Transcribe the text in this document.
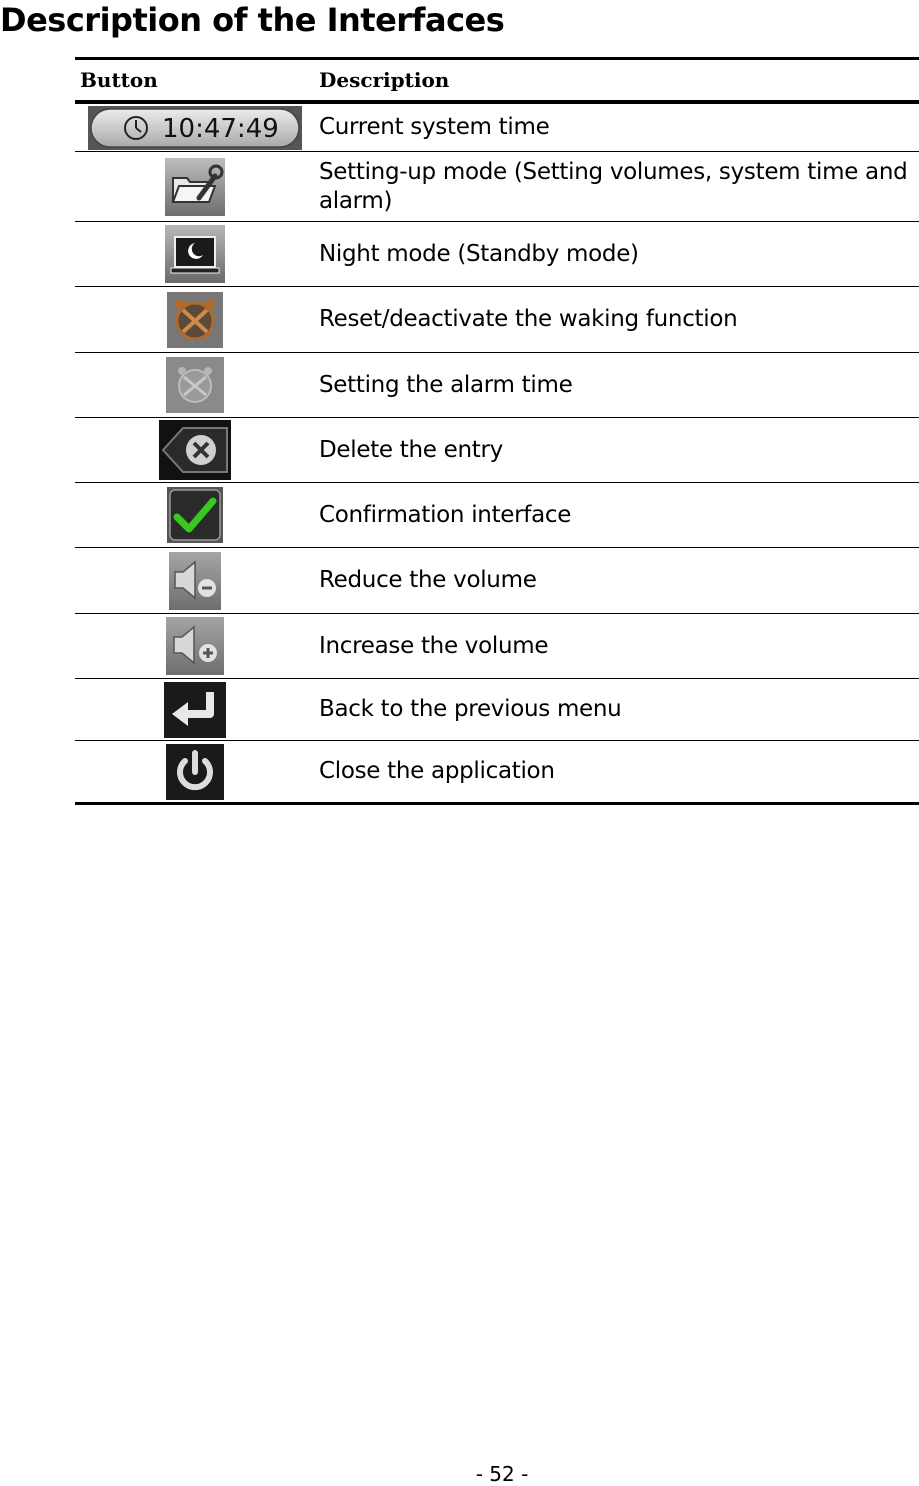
Description of the Interfaces
Button	Description
10:47:49 Current system time
Setting-up mode (Setting volumes, system time and alarm)
Night mode (Standby mode)
Reset/deactivate the waking function
Setting the alarm time
Delete the entry
Confirmation interface
Reduce the volume
Increase the volume
Back to the previous menu
Close the application
- 52 -
